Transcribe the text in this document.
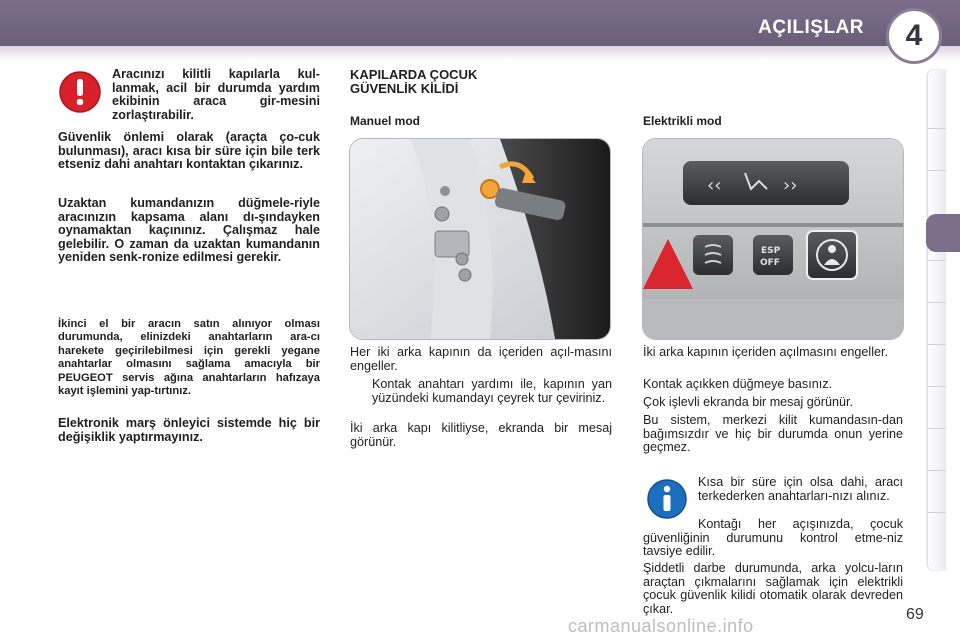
AÇILIŞLAR	4
Aracınızı kilitli kapılarla kul-lanmak, acil bir durumda yardım ekibinin araca gir-mesini zorlaştırabilir.
Güvenlik önlemi olarak (araçta ço-cuk bulunması), aracı kısa bir süre için bile terk etseniz dahi anahtarı kontaktan çıkarınız.
Uzaktan kumandanızın düğmele-riyle aracınızın kapsama alanı dı-şındayken oynamaktan kaçınınız. Çalışmaz hale gelebilir. O zaman da uzaktan kumandanın yeniden senk-ronize edilmesi gerekir.
İkinci el bir aracın satın alınıyor olması durumunda, elinizdeki anahtarların ara-cı harekete geçirilebilmesi için gerekli yegane anahtarlar olmasını sağlama amacıyla bir PEUGEOT servis ağına anahtarların hafızaya kayıt işlemini yap-tırtınız.
Elektronik marş önleyici sistemde hiç bir değişiklik yaptırmayınız.
KAPILARDA ÇOCUK
GÜVENLİK KİLİDİ
Manuel mod
Her iki arka kapının da içeriden açıl-masını engeller.
Kontak anahtarı yardımı ile, kapının yan yüzündeki kumandayı çeyrek tur çeviriniz.
İki arka kapı kilitliyse, ekranda bir mesaj görünür.
Elektrikli mod
‹‹	››
ESP
OFF
İki arka kapının içeriden açılmasını engeller.
Kontak açıkken düğmeye basınız.
Çok işlevli ekranda bir mesaj görünür.
Bu sistem, merkezi kilit kumandasın-dan bağımsızdır ve hiç bir durumda onun yerine geçmez.
Kısa bir süre için olsa dahi, aracı terkederken anahtarları-nızı alınız.
Kontağı her açışınızda, çocuk güvenliğinin durumunu kontrol etme-niz tavsiye edilir.
Şiddetli darbe durumunda, arka yolcu-ların araçtan çıkmalarını sağlamak için elektrikli çocuk güvenlik kilidi otomatik olarak devreden çıkar.
carmanualsonline.info
69
